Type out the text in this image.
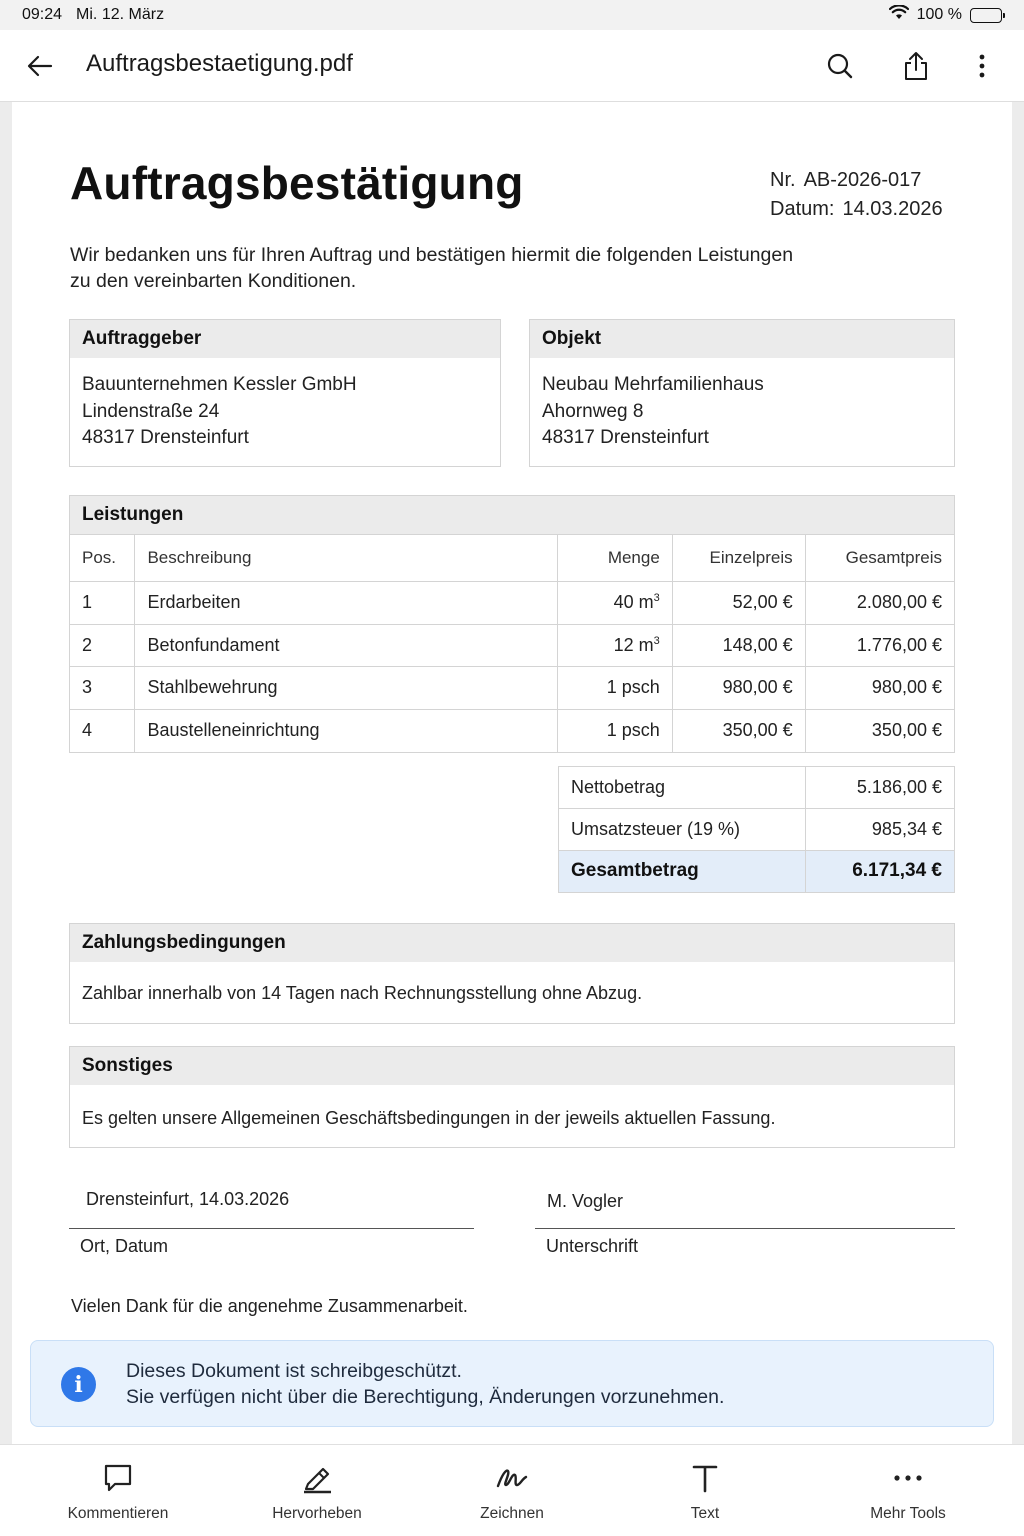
09:24 Mi. 12. März	100 %
Auftragsbestaetigung.pdf
Auftragsbestätigung	Nr. AB-2026-017
Datum: 14.03.2026
Wir bedanken uns für Ihren Auftrag und bestätigen hiermit die folgenden Leistungen
zu den vereinbarten Konditionen.
Auftraggeber
Bauunternehmen Kessler GmbH
Lindenstraße 24
48317 Drensteinfurt
Objekt
Neubau Mehrfamilienhaus
Ahornweg 8
48317 Drensteinfurt
Leistungen
Pos.	Beschreibung	Menge	Einzelpreis	Gesamtpreis
1	Erdarbeiten	40 $m^3$	52,00 €	2.080,00 €
2	Betonfundament	12 $m^3$	148,00 €	1.776,00 €
3	Stahlbewehrung	1 psch	980,00 €	980,00 €
4	Baustelleneinrichtung	1 psch	350,00 €	350,00 €
Nettobetrag	5.186,00 €
Umsatzsteuer (19 %)	985,34 €
Gesamtbetrag	6.171,34 €
Zahlungsbedingungen
Zahlbar innerhalb von 14 Tagen nach Rechnungsstellung ohne Abzug.
Sonstiges
Es gelten unsere Allgemeinen Geschäftsbedingungen in der jeweils aktuellen Fassung.
Drensteinfurt, 14.03.2026
Ort, Datum
M. Vogler
Unterschrift
Vielen Dank für die angenehme Zusammenarbeit.
i
Dieses Dokument ist schreibgeschützt.
Sie verfügen nicht über die Berechtigung, Änderungen vorzunehmen.
Kommentieren	Hervorheben	Zeichnen	Text	Mehr Tools
